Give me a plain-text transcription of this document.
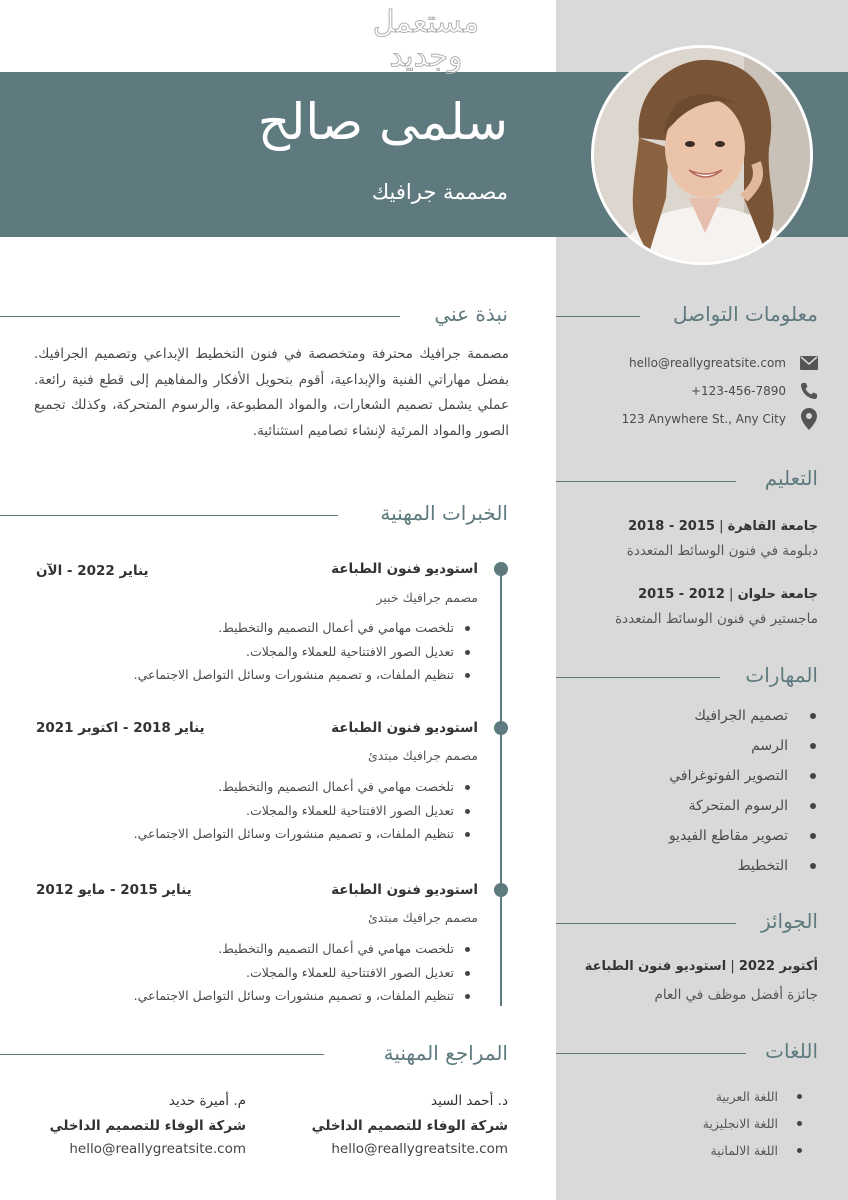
مستعمل وجديد
سلمى صالح
مصممة جرافيك
نبذة عني
مصممة جرافيك محترفة ومتخصصة في فنون التخطيط الإبداعي وتصميم الجرافيك. بفضل مهاراتي الفنية والإبداعية، أقوم بتحويل الأفكار والمفاهيم إلى قطع فنية رائعة. عملي يشمل تصميم الشعارات، والمواد المطبوعة، والرسوم المتحركة، وكذلك تجميع الصور والمواد المرئية لإنشاء تصاميم استثنائية.
الخبرات المهنية
استوديو فنون الطباعة
يناير 2022 - الآن
مصمم جرافيك خبير
تلخصت مهامي في أعمال التصميم والتخطيط.
تعديل الصور الافتتاحية للعملاء والمجلات.
تنظيم الملفات، و تصميم منشورات وسائل التواصل الاجتماعي.
استوديو فنون الطباعة
يناير 2018 - اكتوبر 2021
مصمم جرافيك مبتدئ
تلخصت مهامي في أعمال التصميم والتخطيط.
تعديل الصور الافتتاحية للعملاء والمجلات.
تنظيم الملفات، و تصميم منشورات وسائل التواصل الاجتماعي.
استوديو فنون الطباعة
يناير 2015 - مايو 2012
مصمم جرافيك مبتدئ
تلخصت مهامي في أعمال التصميم والتخطيط.
تعديل الصور الافتتاحية للعملاء والمجلات.
تنظيم الملفات، و تصميم منشورات وسائل التواصل الاجتماعي.
المراجع المهنية
د. أحمد السيد
شركة الوفاء للتصميم الداخلي
hello@reallygreatsite.com
م. أميرة حديد
شركة الوفاء للتصميم الداخلي
hello@reallygreatsite.com
معلومات التواصل
hello@reallygreatsite.com
+123-456-7890
123 Anywhere St., Any City
التعليم
جامعة القاهرة | 2015 - 2018
دبلومة في فنون الوسائط المتعددة
جامعة حلوان | 2012 - 2015
ماجستير في فنون الوسائط المتعددة
المهارات
تصميم الجرافيك
الرسم
التصوير الفوتوغرافي
الرسوم المتحركة
تصوير مقاطع الفيديو
التخطيط
الجوائز
أكتوبر 2022 | استوديو فنون الطباعة
جائزة أفضل موظف في العام
اللغات
اللغة العربية
اللغة الانجليزية
اللغة الالمانية
